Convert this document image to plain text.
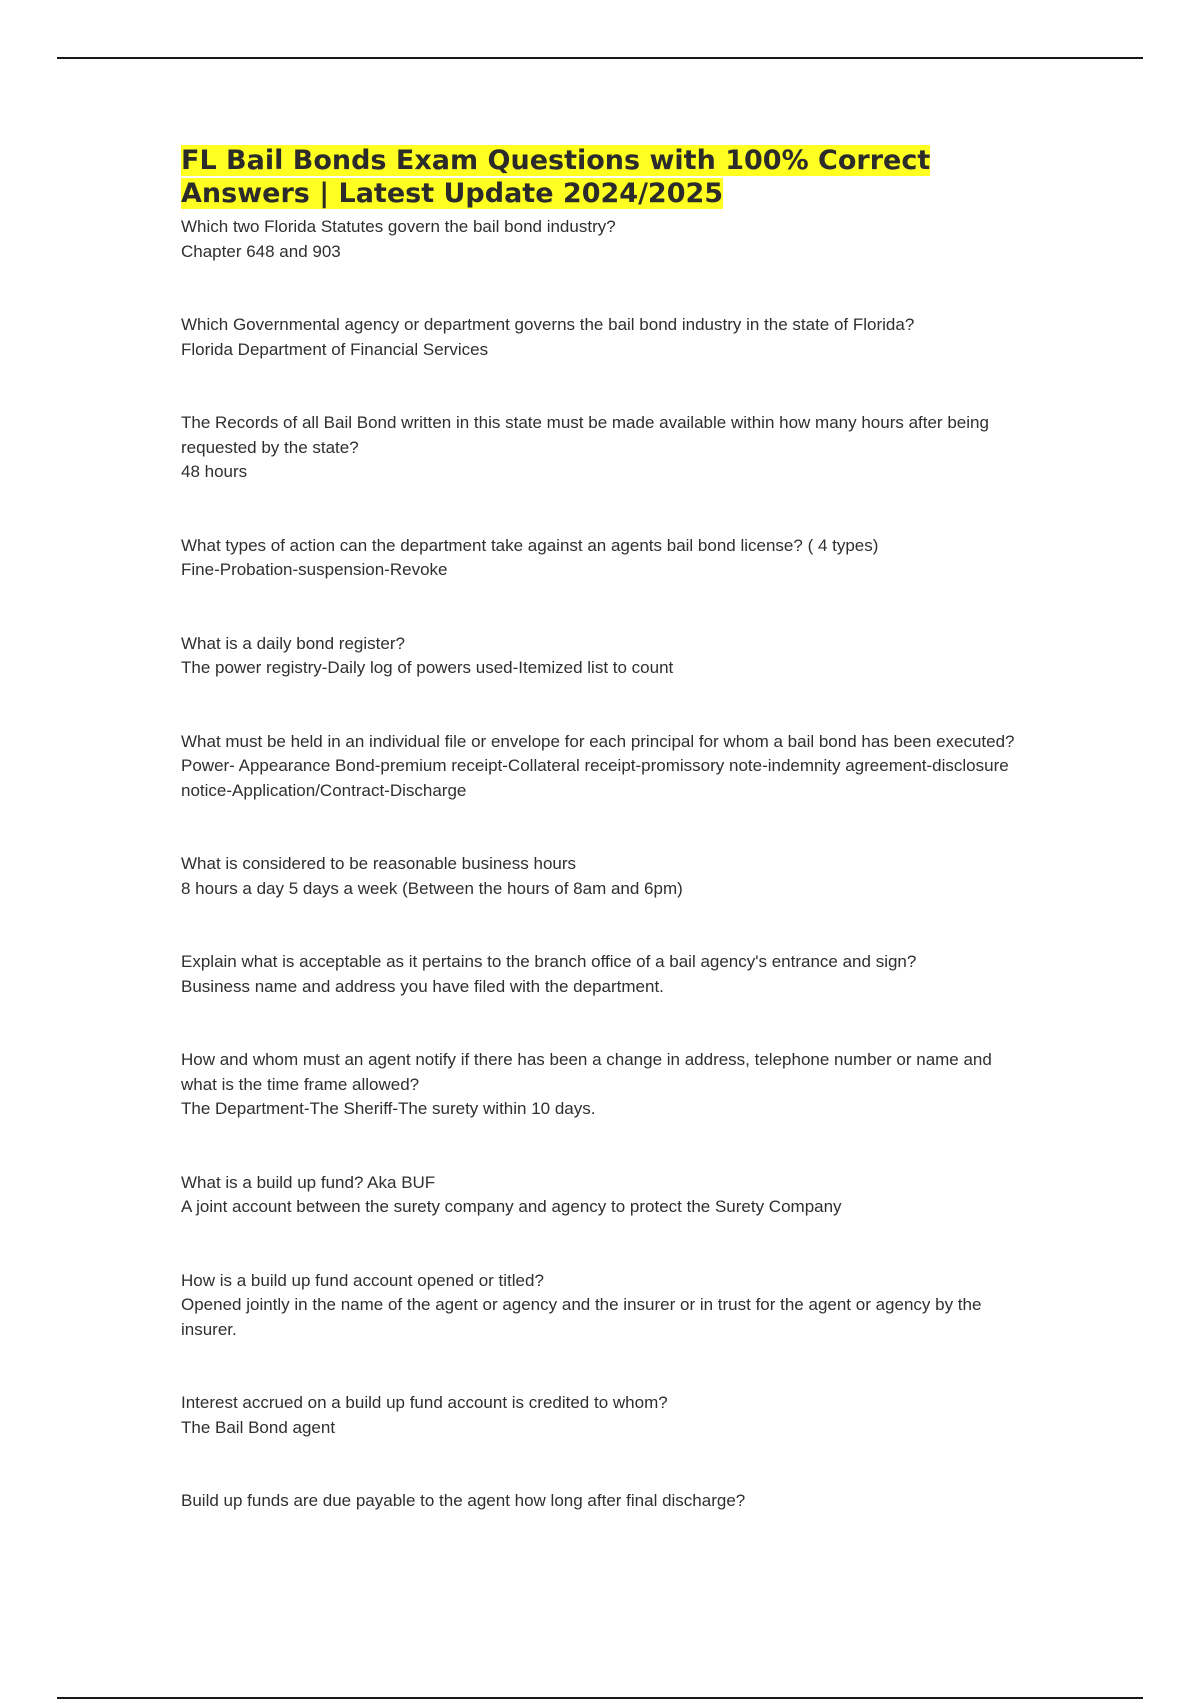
FL Bail Bonds Exam Questions with 100% Correct
Answers | Latest Update 2024/2025
Which two Florida Statutes govern the bail bond industry?
Chapter 648 and 903
Which Governmental agency or department governs the bail bond industry in the state of Florida?
Florida Department of Financial Services
The Records of all Bail Bond written in this state must be made available within how many hours after being requested by the state?
48 hours
What types of action can the department take against an agents bail bond license? ( 4 types)
Fine-Probation-suspension-Revoke
What is a daily bond register?
The power registry-Daily log of powers used-Itemized list to count
What must be held in an individual file or envelope for each principal for whom a bail bond has been executed?
Power- Appearance Bond-premium receipt-Collateral receipt-promissory note-indemnity agreement-disclosure notice-Application/Contract-Discharge
What is considered to be reasonable business hours
8 hours a day 5 days a week (Between the hours of 8am and 6pm)
Explain what is acceptable as it pertains to the branch office of a bail agency's entrance and sign?
Business name and address you have filed with the department.
How and whom must an agent notify if there has been a change in address, telephone number or name and what is the time frame allowed?
The Department-The Sheriff-The surety within 10 days.
What is a build up fund? Aka BUF
A joint account between the surety company and agency to protect the Surety Company
How is a build up fund account opened or titled?
Opened jointly in the name of the agent or agency and the insurer or in trust for the agent or agency by the insurer.
Interest accrued on a build up fund account is credited to whom?
The Bail Bond agent
Build up funds are due payable to the agent how long after final discharge?
